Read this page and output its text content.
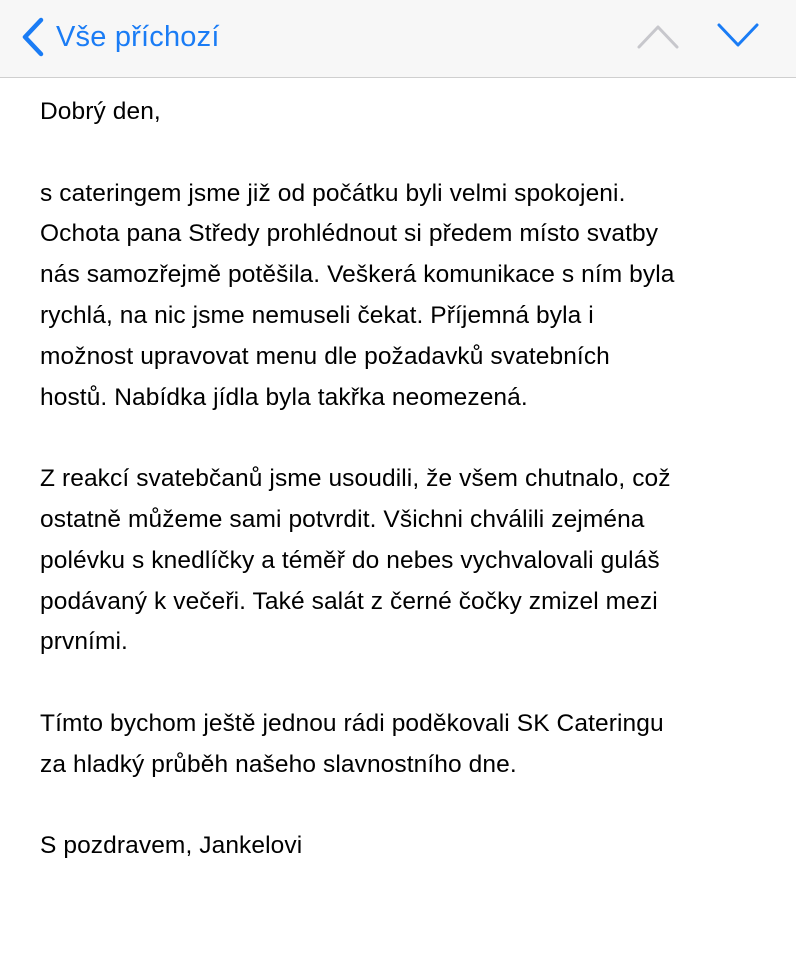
Vše příchozí

Dobrý den,

s cateringem jsme již od počátku byli velmi spokojeni.
Ochota pana Středy prohlédnout si předem místo svatby
nás samozřejmě potěšila. Veškerá komunikace s ním byla
rychlá, na nic jsme nemuseli čekat. Příjemná byla i
možnost upravovat menu dle požadavků svatebních
hostů. Nabídka jídla byla takřka neomezená.

Z reakcí svatebčanů jsme usoudili, že všem chutnalo, což
ostatně můžeme sami potvrdit. Všichni chválili zejména
polévku s knedlíčky a téměř do nebes vychvalovali guláš
podávaný k večeři. Také salát z černé čočky zmizel mezi
prvními.

Tímto bychom ještě jednou rádi poděkovali SK Cateringu
za hladký průběh našeho slavnostního dne.

S pozdravem, Jankelovi
